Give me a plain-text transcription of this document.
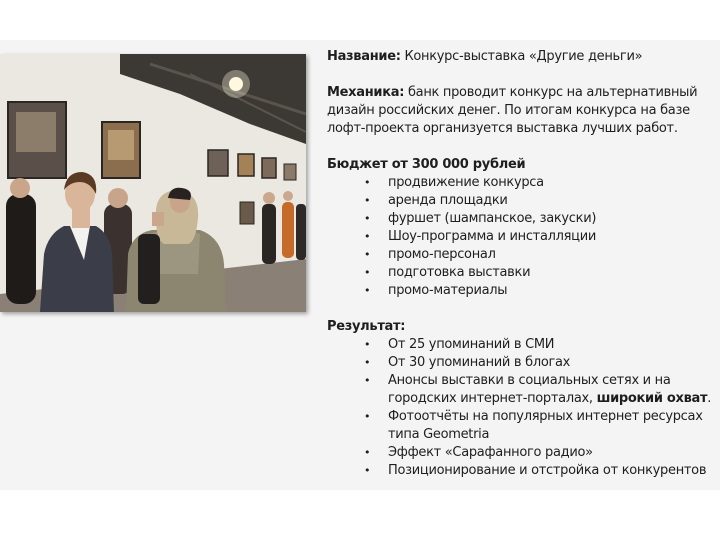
Название: Конкурс-выставка «Другие деньги»

Механика: банк проводит конкурс на альтернативный дизайн российских денег. По итогам конкурса на базе лофт-проекта организуется выставка лучших работ.

Бюджет от 300 000 рублей

• продвижение конкурса
• аренда площадки
• фуршет (шампанское, закуски)
• Шоу-программа и инсталляции
• промо-персонал
• подготовка выставки
• промо-материалы

Результат:

• От 25 упоминаний в СМИ
• От 30 упоминаний в блогах
• Анонсы выставки в социальных сетях и на городских интернет-порталах, широкий охват.
• Фотоотчёты на популярных интернет ресурсах типа Geometria
• Эффект «Сарафанного радио»
• Позиционирование и отстройка от конкурентов
